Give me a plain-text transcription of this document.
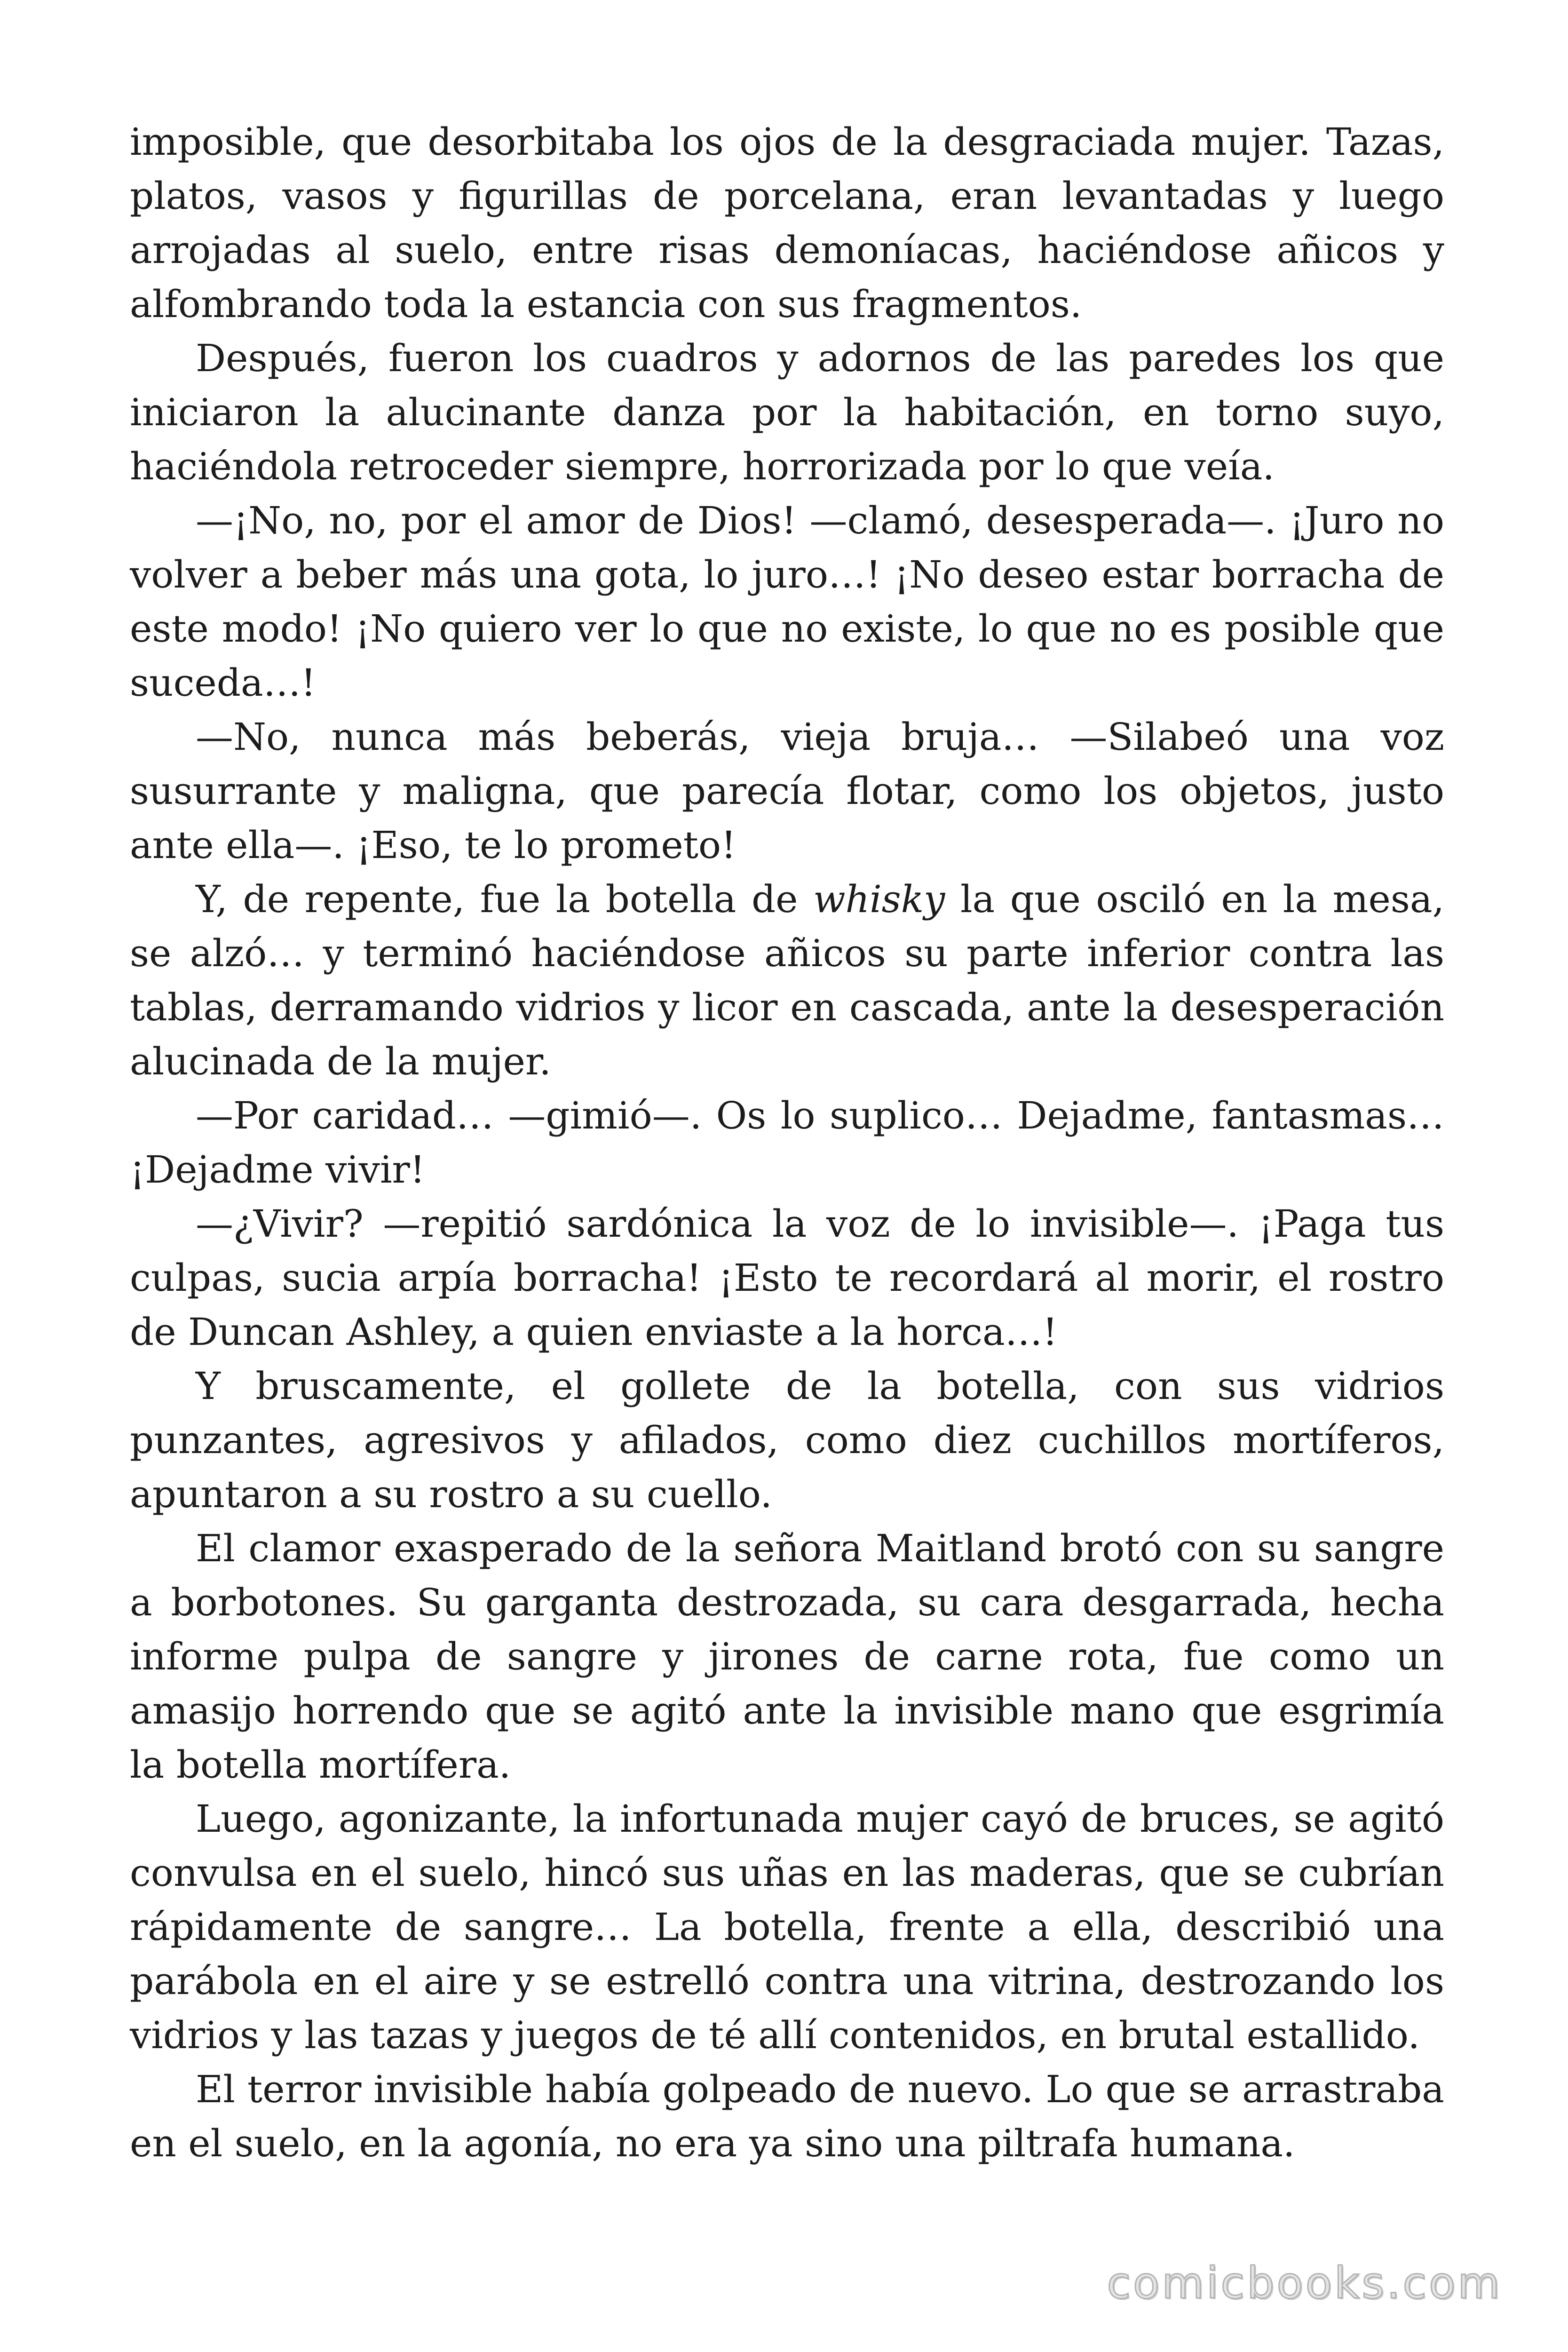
imposible, que desorbitaba los ojos de la desgraciada mujer. Tazas, platos, vasos y figurillas de porcelana, eran levantadas y luego arrojadas al suelo, entre risas demoníacas, haciéndose añicos y alfombrando toda la estancia con sus fragmentos.

Después, fueron los cuadros y adornos de las paredes los que iniciaron la alucinante danza por la habitación, en torno suyo, haciéndola retroceder siempre, horrorizada por lo que veía.

—¡No, no, por el amor de Dios! —clamó, desesperada—. ¡Juro no volver a beber más una gota, lo juro…! ¡No deseo estar borracha de este modo! ¡No quiero ver lo que no existe, lo que no es posible que suceda…!

—No, nunca más beberás, vieja bruja… —Silabeó una voz susurrante y maligna, que parecía flotar, como los objetos, justo ante ella—. ¡Eso, te lo prometo!

Y, de repente, fue la botella de whisky la que osciló en la mesa, se alzó… y terminó haciéndose añicos su parte inferior contra las tablas, derramando vidrios y licor en cascada, ante la desesperación alucinada de la mujer.

—Por caridad… —gimió—. Os lo suplico… Dejadme, fantasmas… ¡Dejadme vivir!

—¿Vivir? —repitió sardónica la voz de lo invisible—. ¡Paga tus culpas, sucia arpía borracha! ¡Esto te recordará al morir, el rostro de Duncan Ashley, a quien enviaste a la horca…!

Y bruscamente, el gollete de la botella, con sus vidrios punzantes, agresivos y afilados, como diez cuchillos mortíferos, apuntaron a su rostro a su cuello.

El clamor exasperado de la señora Maitland brotó con su sangre a borbotones. Su garganta destrozada, su cara desgarrada, hecha informe pulpa de sangre y jirones de carne rota, fue como un amasijo horrendo que se agitó ante la invisible mano que esgrimía la botella mortífera.

Luego, agonizante, la infortunada mujer cayó de bruces, se agitó convulsa en el suelo, hincó sus uñas en las maderas, que se cubrían rápidamente de sangre… La botella, frente a ella, describió una parábola en el aire y se estrelló contra una vitrina, destrozando los vidrios y las tazas y juegos de té allí contenidos, en brutal estallido.

El terror invisible había golpeado de nuevo. Lo que se arrastraba en el suelo, en la agonía, no era ya sino una piltrafa humana.

comicbooks.com
